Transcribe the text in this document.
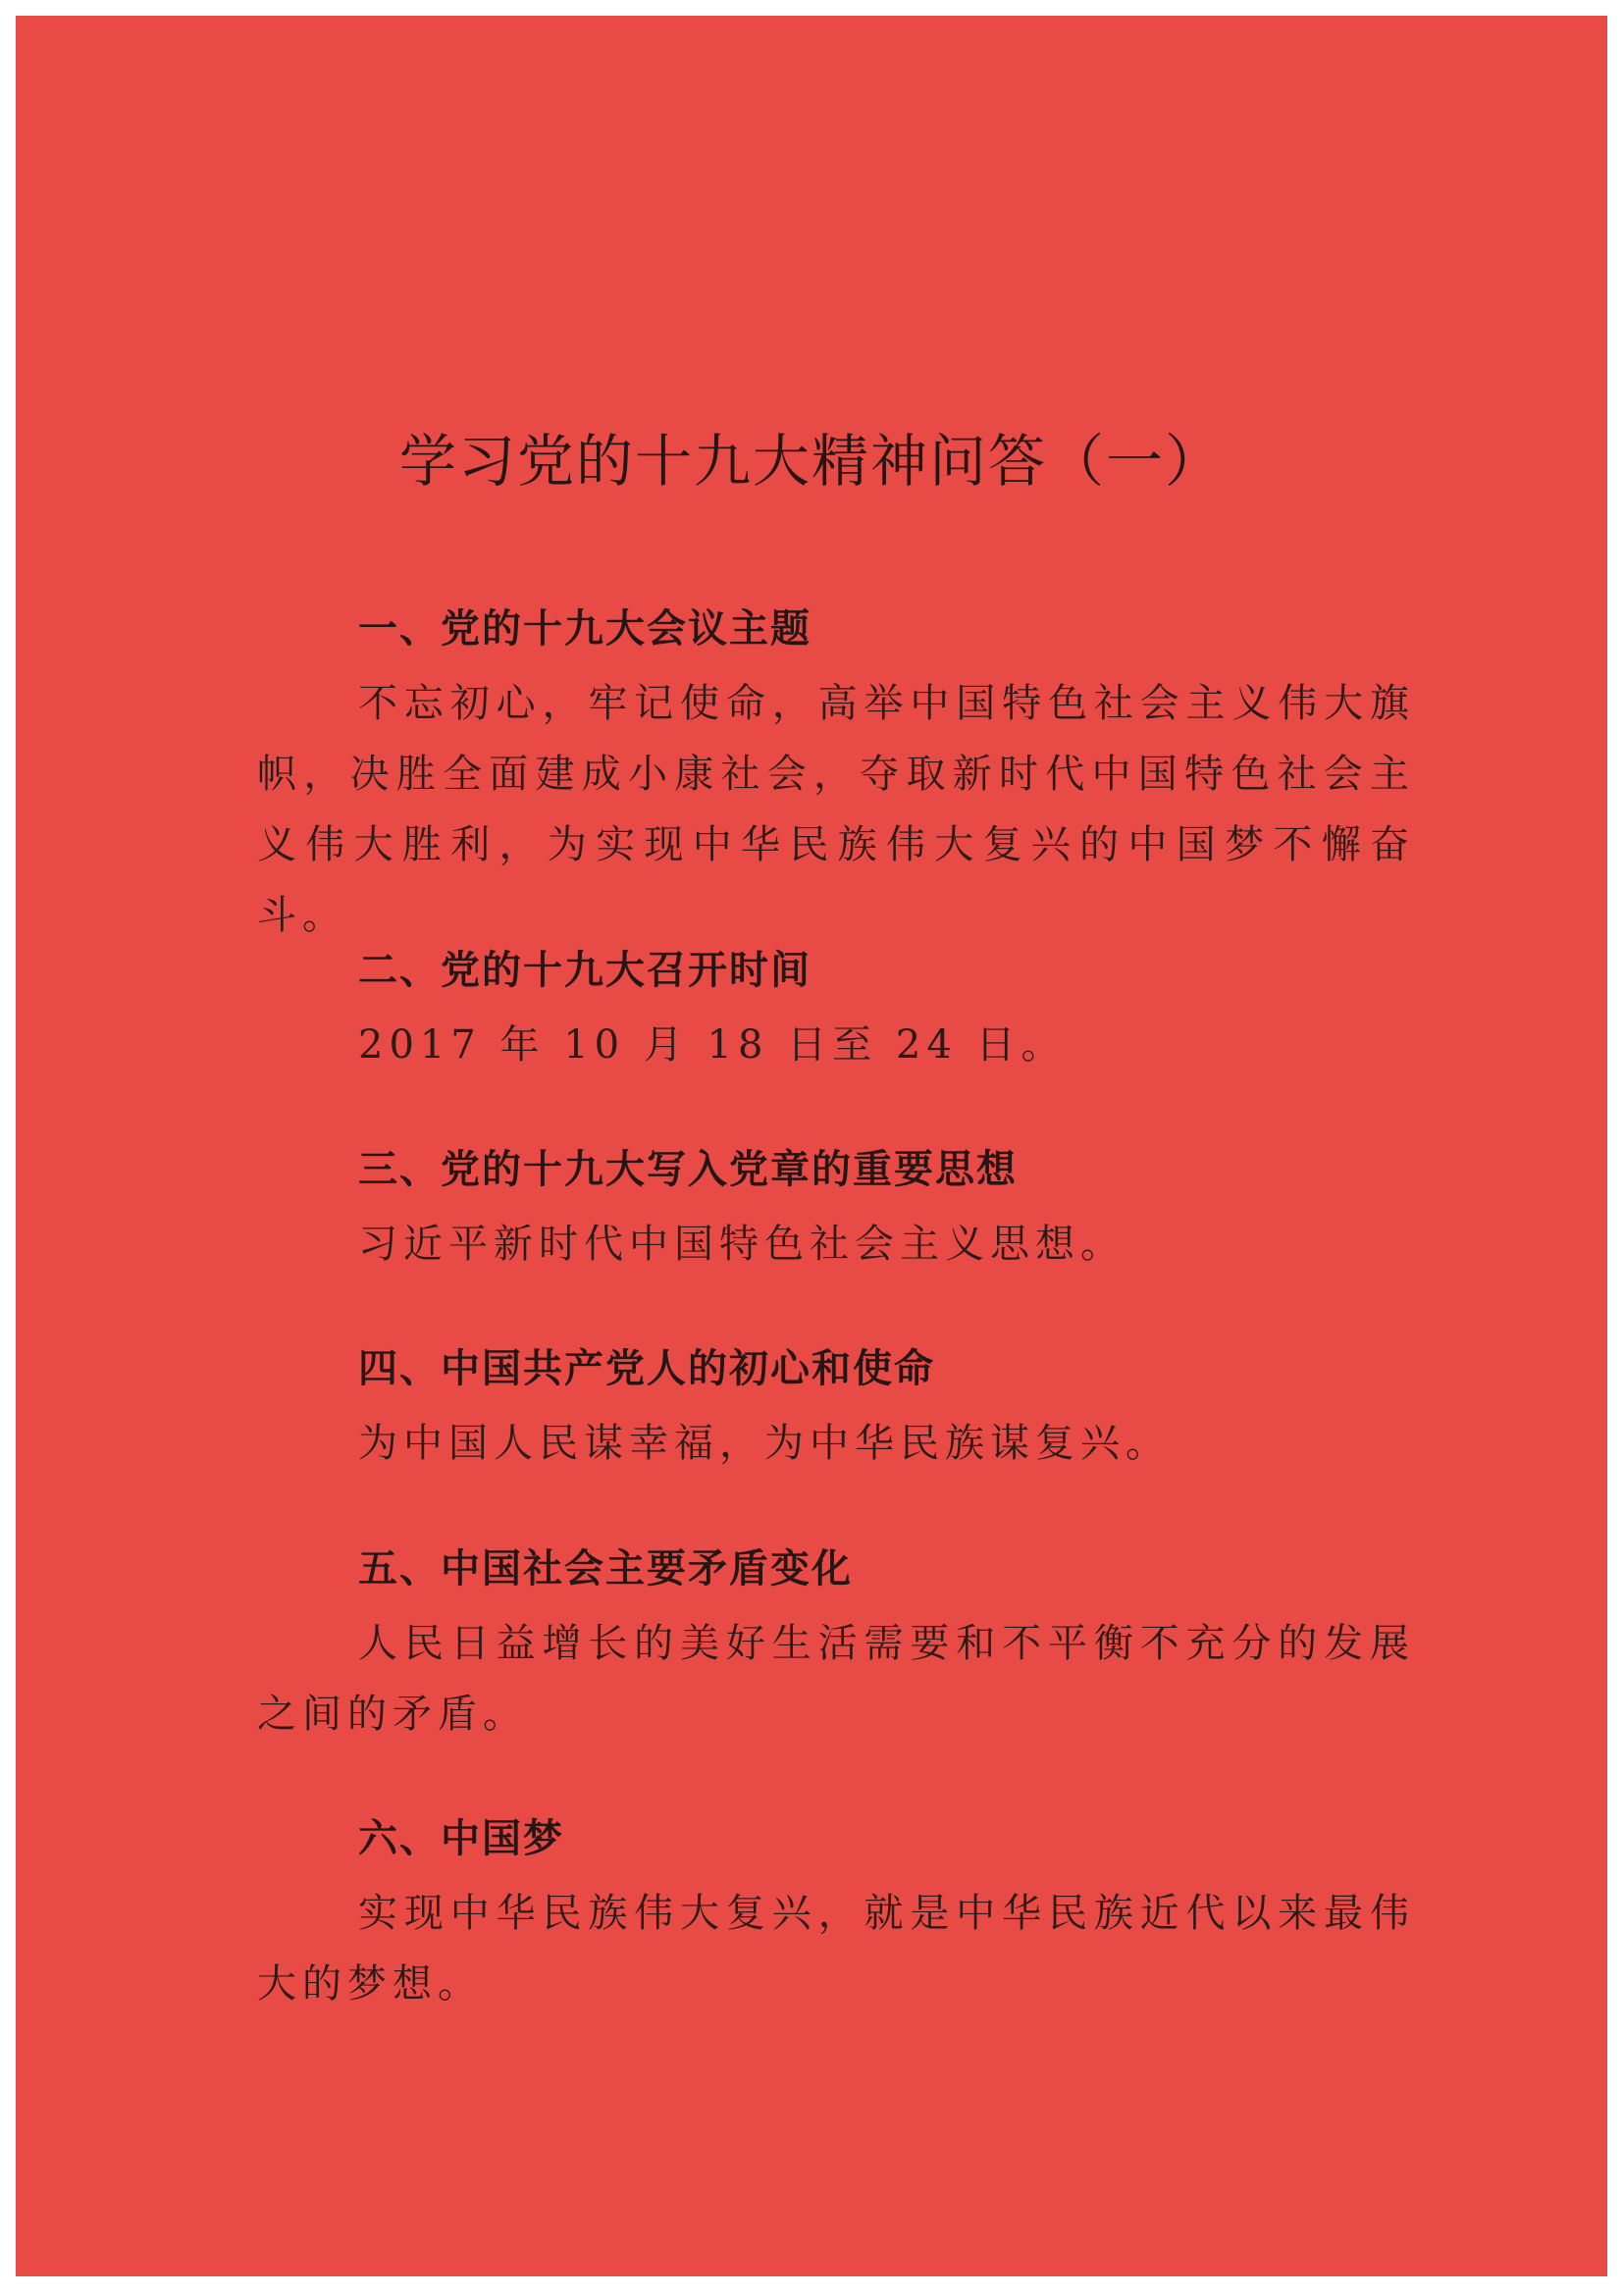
学习党的十九大精神问答（一）

一、党的十九大会议主题

不忘初心，牢记使命，高举中国特色社会主义伟大旗帜，决胜全面建成小康社会，夺取新时代中国特色社会主义伟大胜利，为实现中华民族伟大复兴的中国梦不懈奋斗。

二、党的十九大召开时间

2017 年 10 月 18 日至 24 日。

三、党的十九大写入党章的重要思想

习近平新时代中国特色社会主义思想。

四、中国共产党人的初心和使命

为中国人民谋幸福，为中华民族谋复兴。

五、中国社会主要矛盾变化

人民日益增长的美好生活需要和不平衡不充分的发展之间的矛盾。

六、中国梦

实现中华民族伟大复兴，就是中华民族近代以来最伟大的梦想。
